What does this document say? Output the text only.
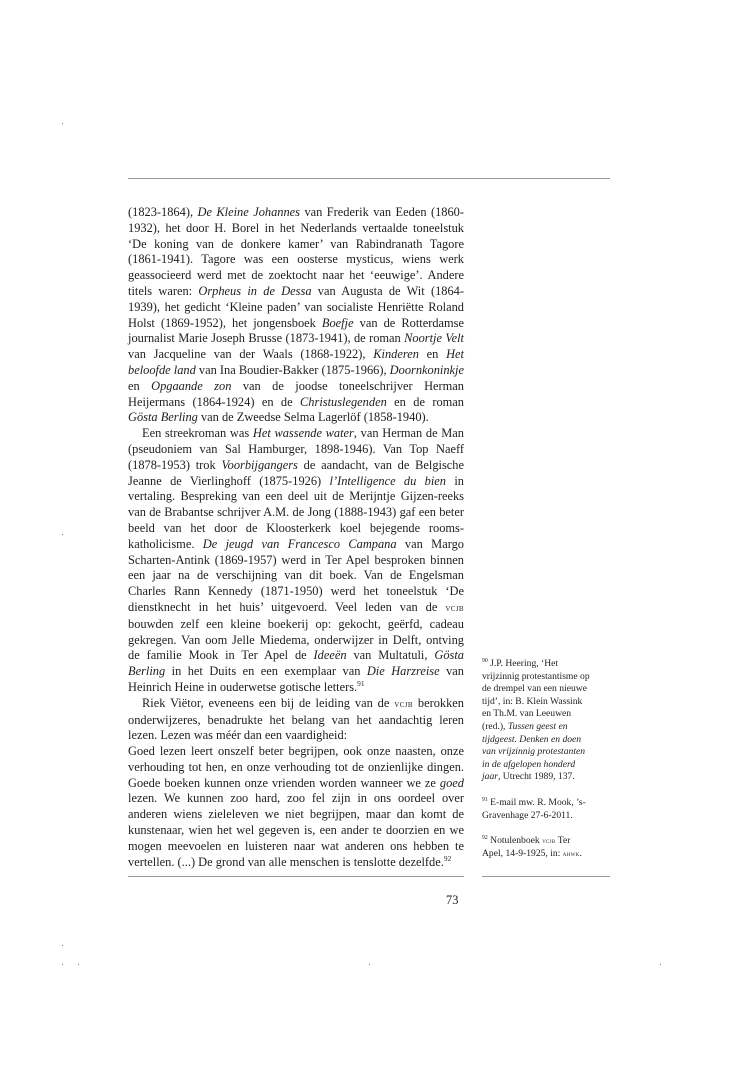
(1823-1864), De Kleine Johannes van Frederik van Eeden (1860-1932), het door H. Borel in het Nederlands vertaalde toneelstuk ‘De koning van de donkere kamer’ van Rabindranath Tagore (1861-1941). Tagore was een oosterse mysticus, wiens werk geassocieerd werd met de zoektocht naar het ‘eeuwige’. Andere titels waren: Orpheus in de Dessa van Augusta de Wit (1864-1939), het gedicht ‘Kleine paden’ van socialiste Henriëtte Roland Holst (1869-1952), het jongensboek Boefje van de Rotterdamse journalist Marie Joseph Brusse (1873-1941), de roman Noortje Velt van Jacqueline van der Waals (1868-1922), Kinderen en Het beloofde land van Ina Boudier-Bakker (1875-1966), Doornkoninkje en Opgaande zon van de joodse toneelschrijver Herman Heijermans (1864-1924) en de Christuslegenden en de roman Gösta Berling van de Zweedse Selma Lagerlöf (1858-1940).

Een streekroman was Het wassende water, van Herman de Man (pseudoniem van Sal Hamburger, 1898-1946). Van Top Naeff (1878-1953) trok Voorbijgangers de aandacht, van de Belgische Jeanne de Vierlinghoff (1875-1926) l’Intelligence du bien in vertaling. Bespreking van een deel uit de Merijntje Gijzen-reeks van de Brabantse schrijver A.M. de Jong (1888-1943) gaf een beter beeld van het door de Kloosterkerk koel bejegende rooms-katholicisme. De jeugd van Francesco Campana van Margo Scharten-Antink (1869-1957) werd in Ter Apel besproken binnen een jaar na de verschijning van dit boek. Van de Engelsman Charles Rann Kennedy (1871-1950) werd het toneelstuk ‘De dienstknecht in het huis’ uitgevoerd. Veel leden van de vcjb bouwden zelf een kleine boekerij op: gekocht, geërfd, cadeau gekregen. Van oom Jelle Miedema, onderwijzer in Delft, ontving de familie Mook in Ter Apel de Ideeën van Multatuli, Gösta Berling in het Duits en een exemplaar van Die Harzreise van Heinrich Heine in ouderwetse gotische letters.$^{91}$

Riek Viëtor, eveneens een bij de leiding van de vcjb berokken onderwijzeres, benadrukte het belang van het aandachtig leren lezen. Lezen was méér dan een vaardigheid:

Goed lezen leert onszelf beter begrijpen, ook onze naasten, onze verhouding tot hen, en onze verhouding tot de onzienlijke dingen. Goede boeken kunnen onze vrienden worden wanneer we ze goed lezen. We kunnen zoo hard, zoo fel zijn in ons oordeel over anderen wiens zieleleven we niet begrijpen, maar dan komt de kunstenaar, wien het wel gegeven is, een ander te doorzien en we mogen meevoelen en luisteren naar wat anderen ons hebben te vertellen. (...) De grond van alle menschen is tenslotte dezelfde.$^{92}$

$^{90}$ J.P. Heering, ‘Het vrijzinnig protestantisme op de drempel van een nieuwe tijd’, in: B. Klein Wassink en Th.M. van Leeuwen (red.), Tussen geest en tijdgeest. Denken en doen van vrijzinnig protestanten in de afgelopen honderd jaar, Utrecht 1989, 137.

$^{91}$ E-mail mw. R. Mook, ’s-Gravenhage 27-6-2011.

$^{92}$ Notulenboek vcjb Ter Apel, 14-9-1925, in: ahwk.

73
